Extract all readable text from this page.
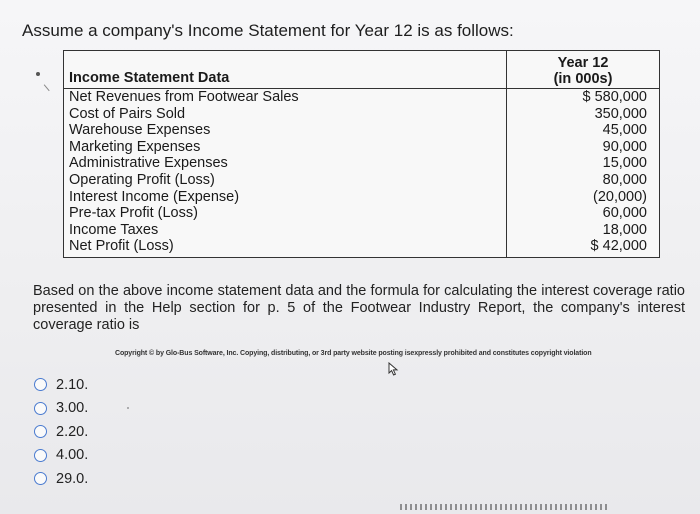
Assume a company's Income Statement for Year 12 is as follows:
Income Statement Data	Year 12
(in 000s)

Net Revenues from Footwear Sales	$ 580,000
Cost of Pairs Sold	350,000
Warehouse Expenses	45,000
Marketing Expenses	90,000
Administrative Expenses	15,000
Operating Profit (Loss)	80,000
Interest Income (Expense)	(20,000)
Pre-tax Profit (Loss)	60,000
Income Taxes	18,000
Net Profit (Loss)	$ 42,000
Based on the above income statement data and the formula for calculating the interest coverage ratio presented in the Help section for p. 5 of the Footwear Industry Report, the company's interest coverage ratio is
Copyright © by Glo-Bus Software, Inc. Copying, distributing, or 3rd party website posting isexpressly prohibited and constitutes copyright violation
2.10.
3.00.
2.20.
4.00.
29.0.
